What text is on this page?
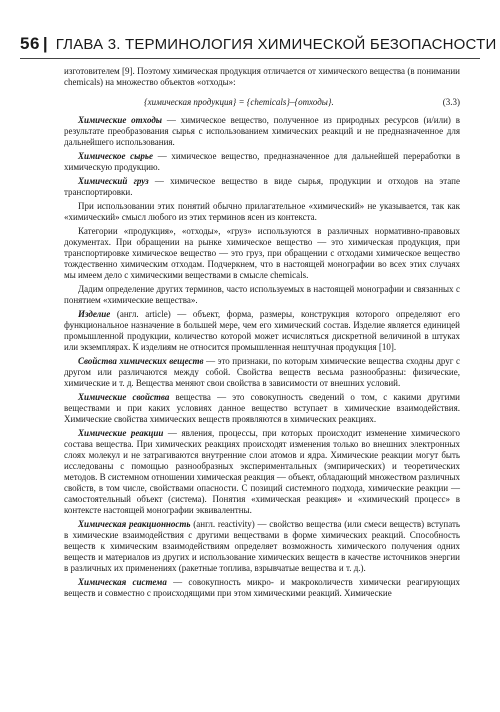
56 | ГЛАВА 3. ТЕРМИНОЛОГИЯ ХИМИЧЕСКОЙ БЕЗОПАСНОСТИ

изготовителем [9]. Поэтому химическая продукция отличается от химического вещества (в понимании chemicals) на множество объектов «отходы»:

{химическая продукция} = {chemicals}–{отходы}.	(3.3)

Химические отходы — химическое вещество, полученное из природных ресурсов (и/или) в результате преобразования сырья с использованием химических реакций и не предназначенное для дальнейшего использования.

Химическое сырье — химическое вещество, предназначенное для дальнейшей переработки в химическую продукцию.

Химический груз — химическое вещество в виде сырья, продукции и отходов на этапе транспортировки.

При использовании этих понятий обычно прилагательное «химический» не указывается, так как «химический» смысл любого из этих терминов ясен из контекста.

Категории «продукция», «отходы», «груз» используются в различных нормативно-правовых документах. При обращении на рынке химическое вещество — это химическая продукция, при транспортировке химическое вещество — это груз, при обращении с отходами химическое вещество тождественно химическим отходам. Подчеркнем, что в настоящей монографии во всех этих случаях мы имеем дело с химическими веществами в смысле chemicals.

Дадим определение других терминов, часто используемых в настоящей монографии и связанных с понятием «химические вещества».

Изделие (англ. article) — объект, форма, размеры, конструкция которого определяют его функциональное назначение в большей мере, чем его химический состав. Изделие является единицей промышленной продукции, количество которой может исчисляться дискретной величиной в штуках или экземплярах. К изделиям не относится промышленная нештучная продукция [10].

Свойства химических веществ — это признаки, по которым химические вещества сходны друг с другом или различаются между собой. Свойства веществ весьма разнообразны: физические, химические и т. д. Вещества меняют свои свойства в зависимости от внешних условий.

Химические свойства вещества — это совокупность сведений о том, с какими другими веществами и при каких условиях данное вещество вступает в химические взаимодействия. Химические свойства химических веществ проявляются в химических реакциях.

Химические реакции — явления, процессы, при которых происходит изменение химического состава вещества. При химических реакциях происходят изменения только во внешних электронных слоях молекул и не затрагиваются внутренние слои атомов и ядра. Химические реакции могут быть исследованы с помощью разнообразных экспериментальных (эмпирических) и теоретических методов. В системном отношении химическая реакция — объект, обладающий множеством различных свойств, в том числе, свойствами опасности. С позиций системного подхода, химические реакции — самостоятельный объект (система). Понятия «химическая реакция» и «химический процесс» в контексте настоящей монографии эквивалентны.

Химическая реакционность (англ. reactivity) — свойство вещества (или смеси веществ) вступать в химические взаимодействия с другими веществами в форме химических реакций. Способность веществ к химическим взаимодействиям определяет возможность химического получения одних веществ и материалов из других и использование химических веществ в качестве источников энергии в различных их применениях (ракетные топлива, взрывчатые вещества и т. д.).

Химическая система — совокупность микро- и макроколичеств химически реагирующих веществ и совместно с происходящими при этом химическими реакций. Химические
